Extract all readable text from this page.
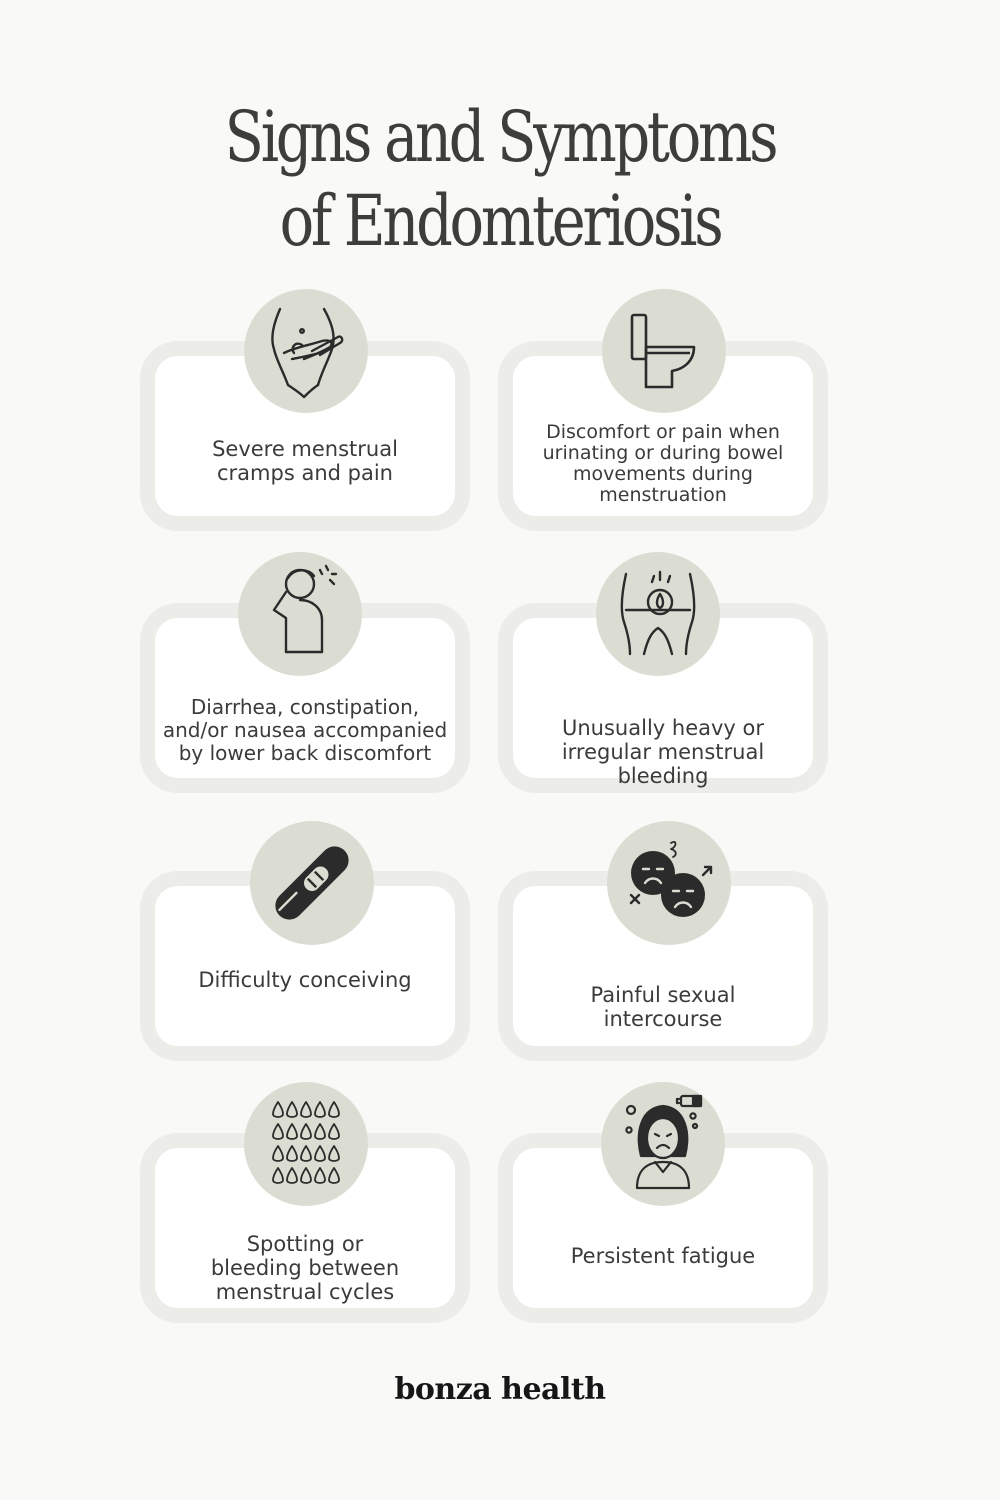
Signs and Symptoms
of Endomteriosis
Severe menstrual cramps and pain
Discomfort or pain when urinating or during bowel movements during menstruation
Diarrhea, constipation, and/or nausea accompanied by lower back discomfort
Unusually heavy or irregular menstrual bleeding
Difficulty conceiving
Painful sexual intercourse
Spotting or bleeding between menstrual cycles
Persistent fatigue
bonza health
